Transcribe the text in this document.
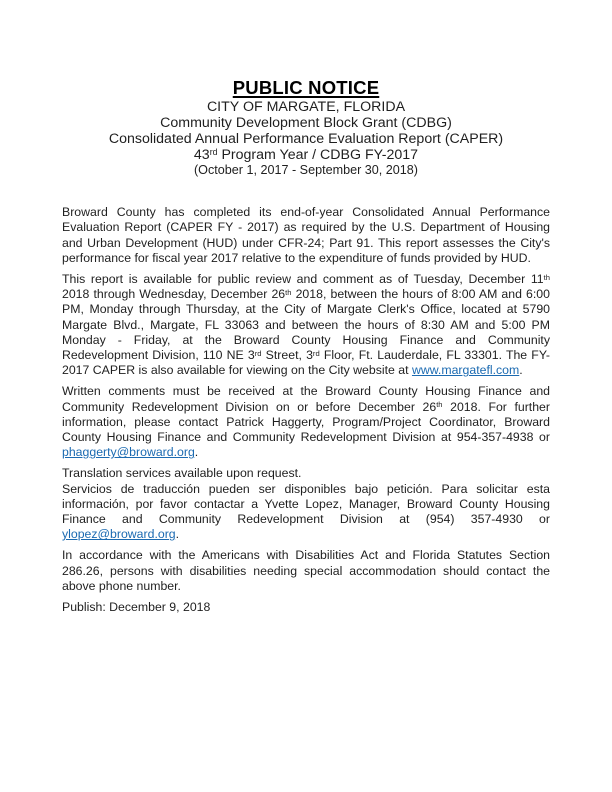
PUBLIC NOTICE
CITY OF MARGATE, FLORIDA
Community Development Block Grant (CDBG)
Consolidated Annual Performance Evaluation Report (CAPER)
43rd Program Year / CDBG FY-2017
(October 1, 2017 - September 30, 2018)

Broward County has completed its end-of-year Consolidated Annual Performance Evaluation Report (CAPER FY - 2017) as required by the U.S. Department of Housing and Urban Development (HUD) under CFR-24; Part 91. This report assesses the City's performance for fiscal year 2017 relative to the expenditure of funds provided by HUD.

This report is available for public review and comment as of Tuesday, December 11th 2018 through Wednesday, December 26th 2018, between the hours of 8:00 AM and 6:00 PM, Monday through Thursday, at the City of Margate Clerk's Office, located at 5790 Margate Blvd., Margate, FL 33063 and between the hours of 8:30 AM and 5:00 PM Monday - Friday, at the Broward County Housing Finance and Community Redevelopment Division, 110 NE 3rd Street, 3rd Floor, Ft. Lauderdale, FL 33301. The FY-2017 CAPER is also available for viewing on the City website at www.margatefl.com.

Written comments must be received at the Broward County Housing Finance and Community Redevelopment Division on or before December 26th 2018. For further information, please contact Patrick Haggerty, Program/Project Coordinator, Broward County Housing Finance and Community Redevelopment Division at 954-357-4938 or phaggerty@broward.org.

Translation services available upon request.
Servicios de traducción pueden ser disponibles bajo petición. Para solicitar esta información, por favor contactar a Yvette Lopez, Manager, Broward County Housing Finance and Community Redevelopment Division at (954) 357-4930 or ylopez@broward.org.

In accordance with the Americans with Disabilities Act and Florida Statutes Section 286.26, persons with disabilities needing special accommodation should contact the above phone number.

Publish: December 9, 2018
